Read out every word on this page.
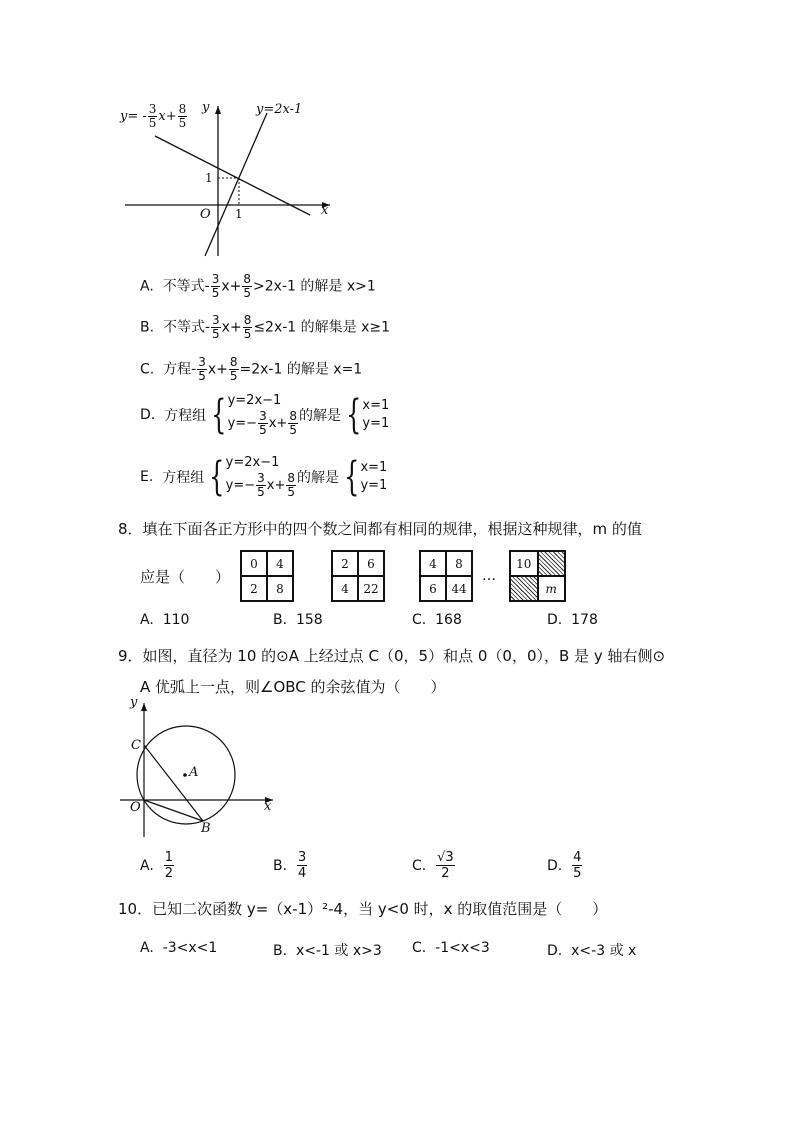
$y= - \frac{3}{5} x+ \frac{8}{5}$	y=2x-1
y
x
O 1
1
A. 不等式- $\frac{3}{5} x+ \frac{8}{5} >2x-1$ 的解是 x>1
B. 不等式- $\frac{3}{5} x+ \frac{8}{5} \le 2x-1$ 的解集是 x≥1
C. 方程- $\frac{3}{5} x+ \frac{8}{5} =2x-1$ 的解是 x=1
D.
方程组 { y=2x−1
$y=- \frac{3}{5} x+ \frac{8}{5}$ 的解是 { x=1
y=1
E.
方程组 { y=2x−1
$y=- \frac{3}{5} x+ \frac{8}{5}$ 的解是 { x=1
y=1
8．填在下面各正方形中的四个数之间都有相同的规律，根据这种规律，m 的值
应是（　　）
0	4
2	8
2	6
4	22
4	8
6	44
…
10
m
A. 110	B. 158	C. 168	D. 178
9．如图，直径为 10 的⊙A 上经过点 C（0，5）和点 0（0，0），B 是 y 轴右侧⊙
A 优弧上一点，则∠OBC 的余弦值为（　　）
y
x
C
A
O
B
A.
$\frac{1}{2}$	B.
$\frac{3}{4}$	C.
$\frac{√3}{2}$	D.
$\frac{4}{5}$
10．已知二次函数 y=（x-1）²-4，当 y<0 时，x 的取值范围是（　　）
A. -3<x<1	B. x<-1 或 x>3 C. -1<x<3	D. x<-3 或 x
